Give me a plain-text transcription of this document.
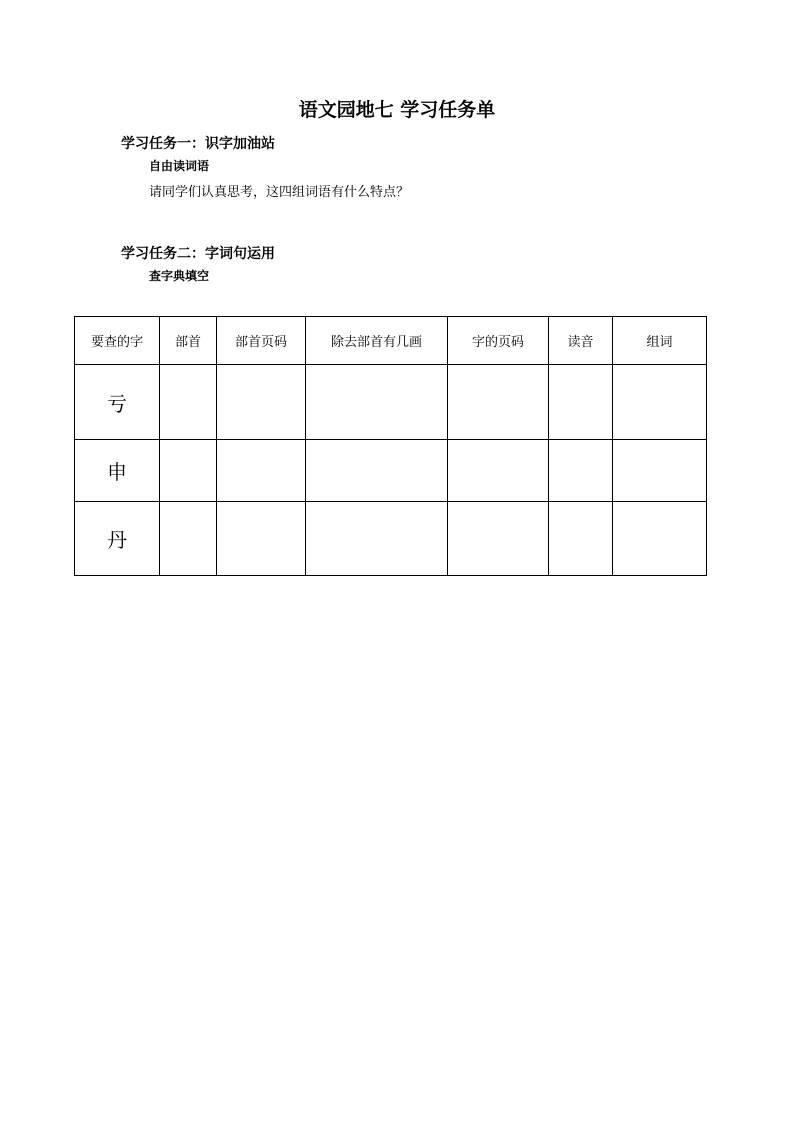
语文园地七 学习任务单

学习任务一：识字加油站

自由读词语

请同学们认真思考，这四组词语有什么特点？

学习任务二：字词句运用

查字典填空

要查的字	部首	部首页码	除去部首有几画	字的页码	读音	组词
亏						
申						
丹						
